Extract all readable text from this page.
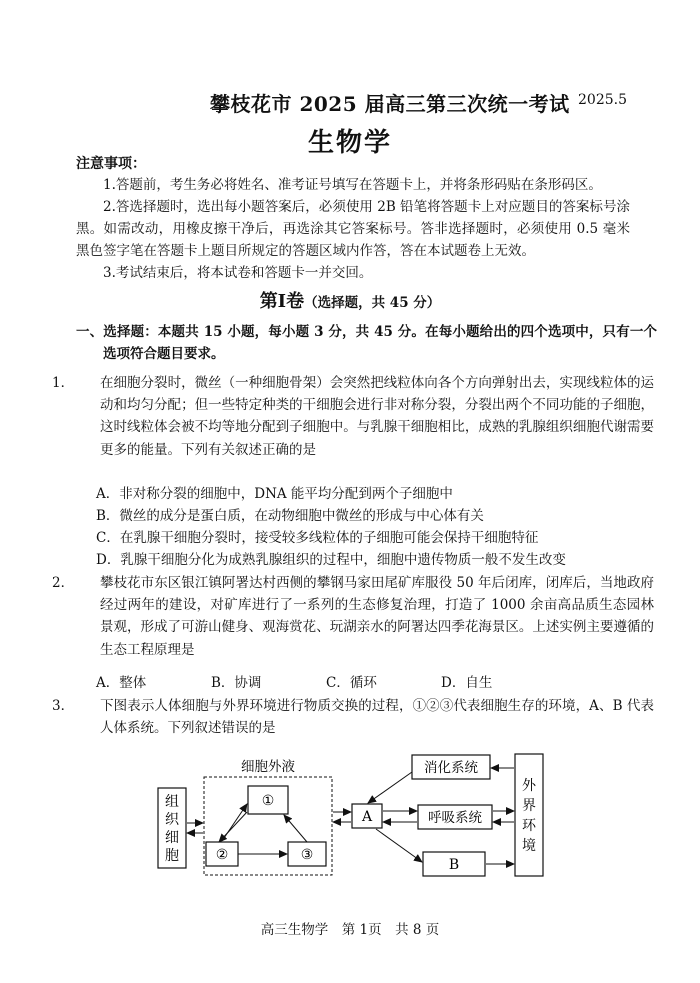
攀枝花市 2025 届高三第三次统一考试 2025.5
生物学
注意事项：
1.答题前，考生务必将姓名、准考证号填写在答题卡上，并将条形码贴在条形码区。
2.答选择题时，选出每小题答案后，必须使用 2B 铅笔将答题卡上对应题目的答案标号涂黑。如需改动，用橡皮擦干净后，再选涂其它答案标号。答非选择题时，必须使用 0.5 毫米黑色签字笔在答题卡上题目所规定的答题区域内作答，答在本试题卷上无效。
3.考试结束后，将本试卷和答题卡一并交回。
第Ⅰ卷（选择题，共 45 分）
一、选择题：本题共 15 小题，每小题 3 分，共 45 分。在每小题给出的四个选项中，只有一个选项符合题目要求。
1． 在细胞分裂时，微丝（一种细胞骨架）会突然把线粒体向各个方向弹射出去，实现线粒体的运动和均匀分配；但一些特定种类的干细胞会进行非对称分裂，分裂出两个不同功能的子细胞，这时线粒体会被不均等地分配到子细胞中。与乳腺干细胞相比，成熟的乳腺组织细胞代谢需要更多的能量。下列有关叙述正确的是
A．非对称分裂的细胞中，DNA 能平均分配到两个子细胞中
B．微丝的成分是蛋白质，在动物细胞中微丝的形成与中心体有关
C．在乳腺干细胞分裂时，接受较多线粒体的子细胞可能会保持干细胞特征
D．乳腺干细胞分化为成熟乳腺组织的过程中，细胞中遗传物质一般不发生改变
2． 攀枝花市东区银江镇阿署达村西侧的攀钢马家田尾矿库服役 50 年后闭库，闭库后，当地政府经过两年的建设，对矿库进行了一系列的生态修复治理，打造了 1000 余亩高品质生态园林景观，形成了可游山健身、观海赏花、玩湖亲水的阿署达四季花海景区。上述实例主要遵循的生态工程原理是
A．整体	B．协调	C．循环	D．自生
3． 下图表示人体细胞与外界环境进行物质交换的过程，①②③代表细胞生存的环境，A、B 代表人体系统。下列叙述错误的是
组
织
细
胞
细胞外液
①
②	③
A
消化系统
呼吸系统
B
外
界
环
境
高三生物学　第 1页　共 8 页
